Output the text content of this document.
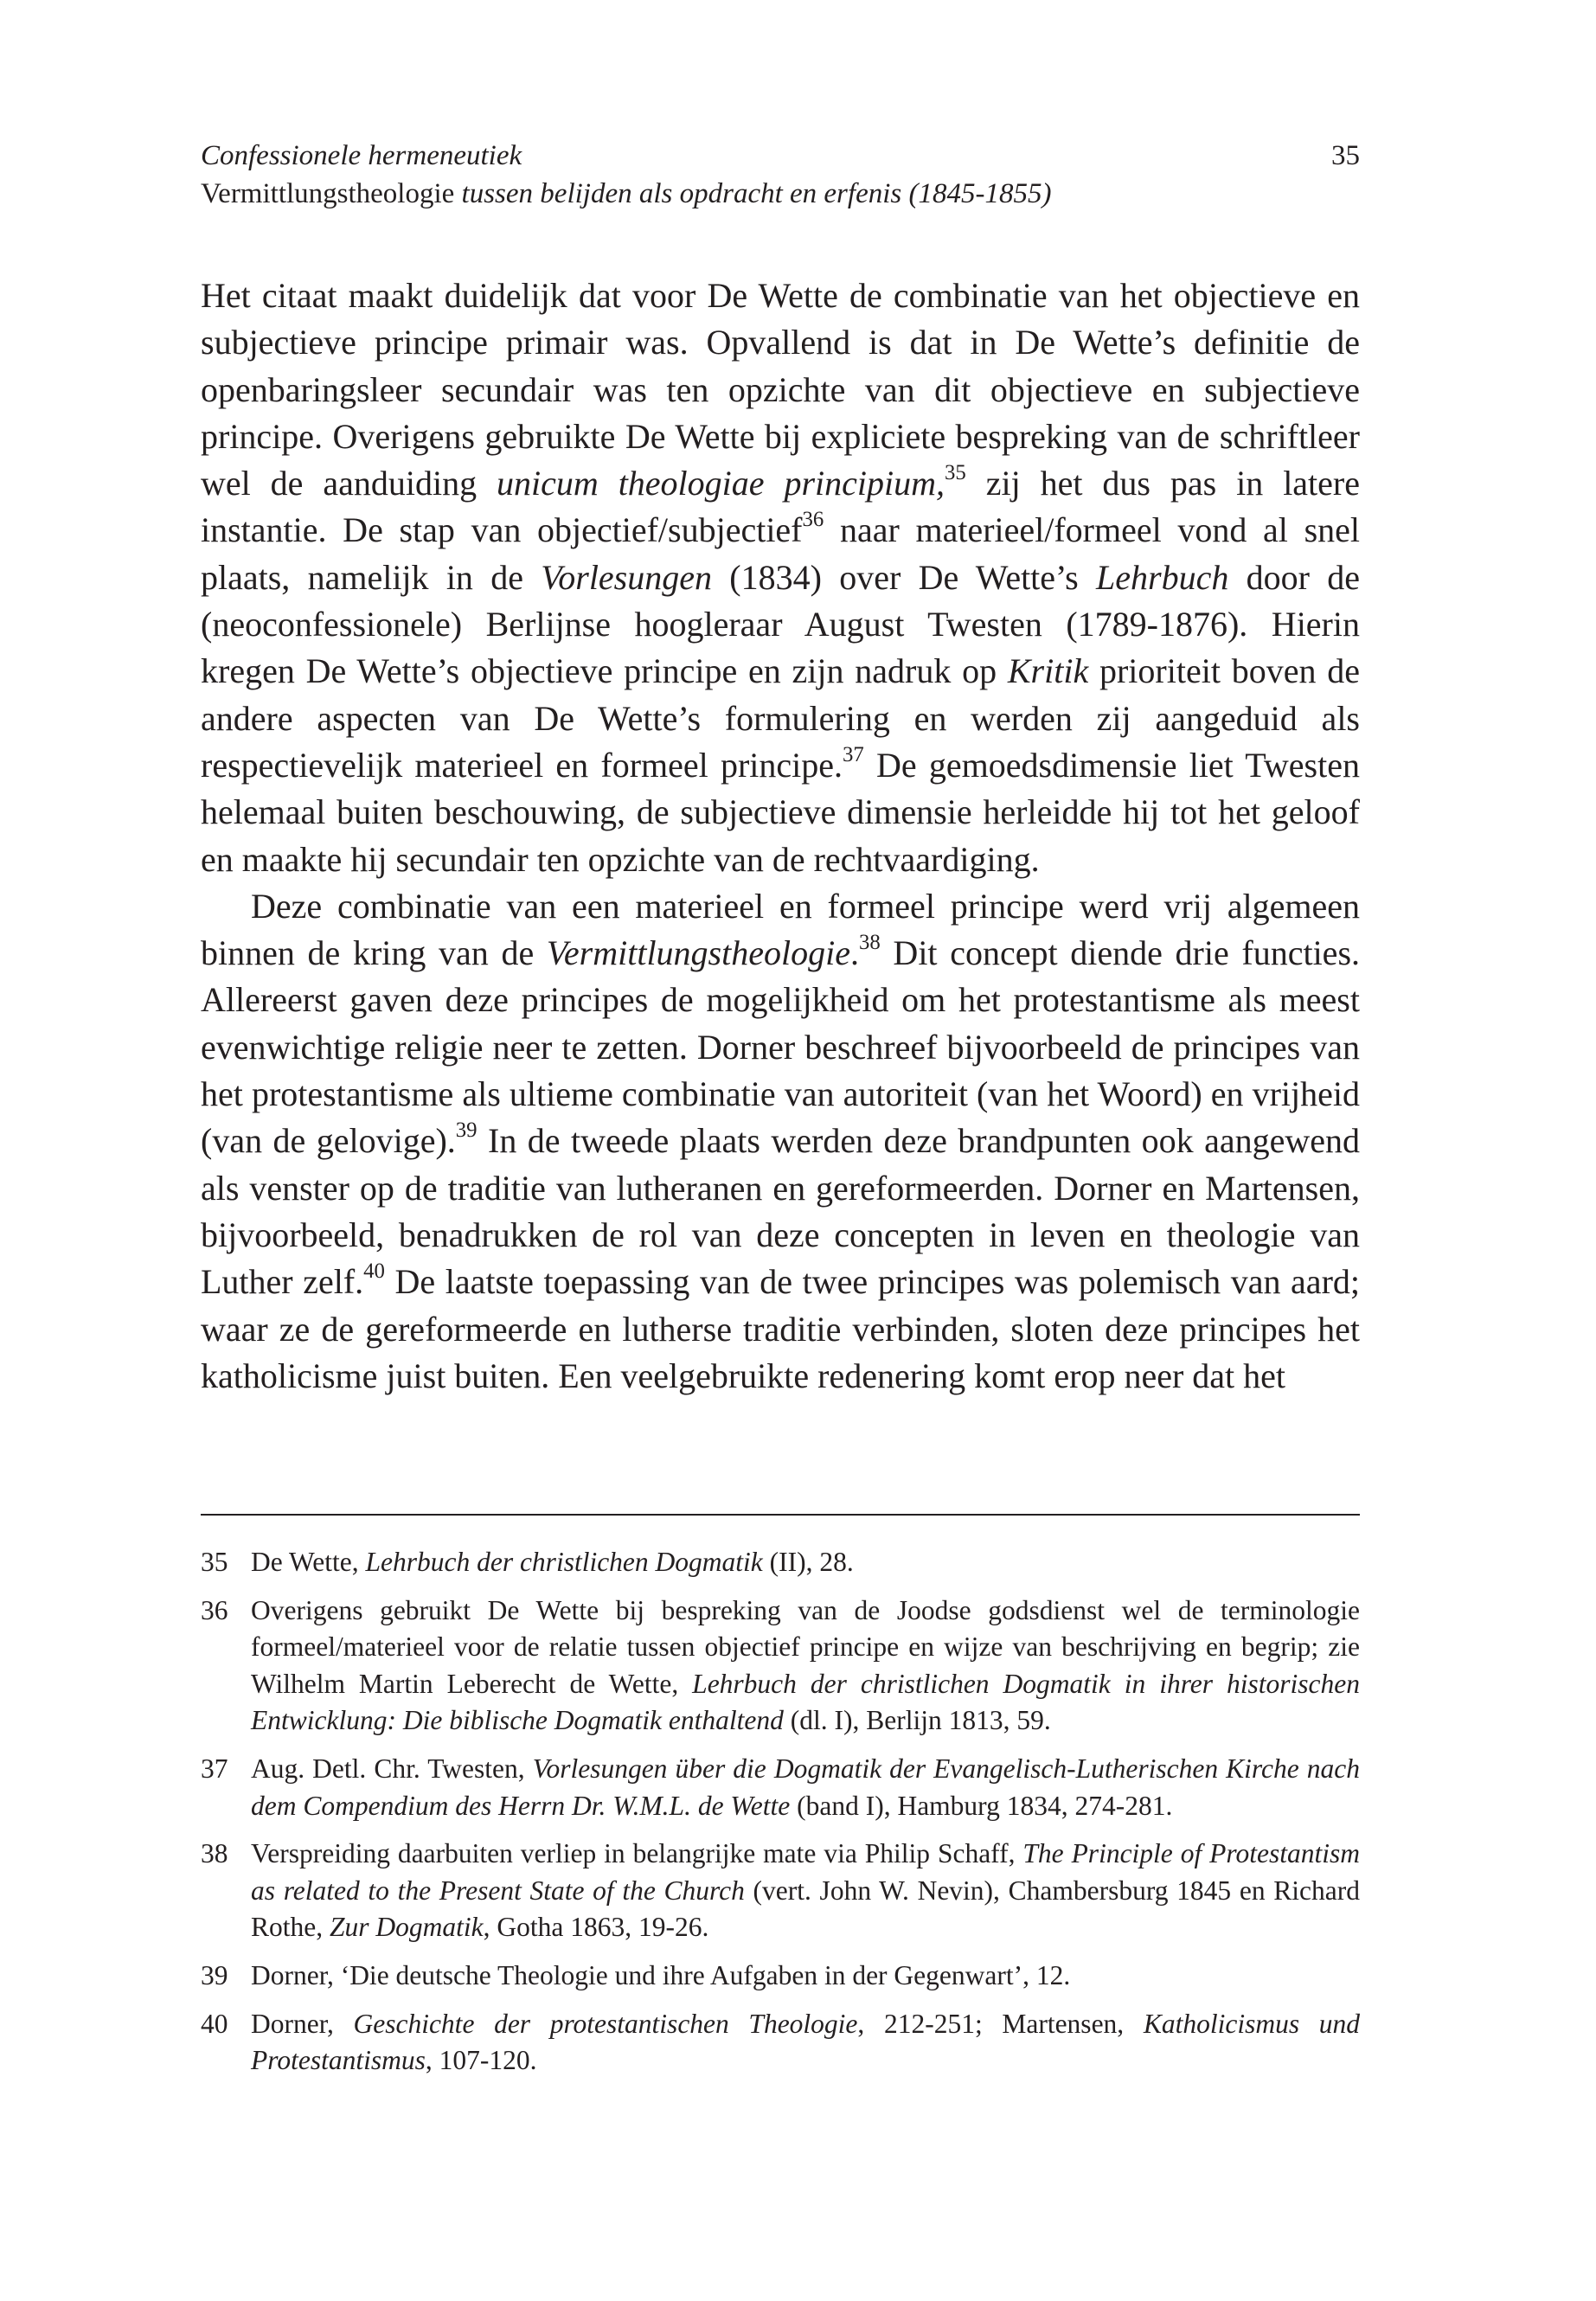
Confessionele hermeneutiek
Vermittlungstheologie tussen belijden als opdracht en erfenis (1845-1855)
35

Het citaat maakt duidelijk dat voor De Wette de combinatie van het objectieve en subjectieve principe primair was. Opvallend is dat in De Wette’s definitie de openbaringsleer secundair was ten opzichte van dit objectieve en subjectieve principe. Overigens gebruikte De Wette bij expliciete bespreking van de schriftleer wel de aanduiding unicum theologiae principium,$^{35}$ zij het dus pas in latere instantie. De stap van objectief/subjectief$^{36}$ naar materieel/formeel vond al snel plaats, namelijk in de Vorlesungen (1834) over De Wette’s Lehrbuch door de (neoconfessionele) Berlijnse hoogleraar August Twesten (1789-1876). Hierin kregen De Wette’s objectieve principe en zijn nadruk op Kritik prioriteit boven de andere aspecten van De Wette’s formulering en werden zij aangeduid als respectievelijk materieel en formeel principe.$^{37}$ De gemoedsdimensie liet Twesten helemaal buiten beschouwing, de subjectieve dimensie herleidde hij tot het geloof en maakte hij secundair ten opzichte van de rechtvaardiging.

Deze combinatie van een materieel en formeel principe werd vrij algemeen binnen de kring van de Vermittlungstheologie.$^{38}$ Dit concept diende drie functies. Allereerst gaven deze principes de mogelijkheid om het protestantisme als meest evenwichtige religie neer te zetten. Dorner beschreef bijvoorbeeld de principes van het protestantisme als ultieme combinatie van autoriteit (van het Woord) en vrijheid (van de gelovige).$^{39}$ In de tweede plaats werden deze brandpunten ook aangewend als venster op de traditie van lutheranen en gereformeerden. Dorner en Martensen, bijvoorbeeld, benadrukken de rol van deze concepten in leven en theologie van Luther zelf.$^{40}$ De laatste toepassing van de twee principes was polemisch van aard; waar ze de gereformeerde en lutherse traditie verbinden, sloten deze principes het katholicisme juist buiten. Een veelgebruikte redenering komt erop neer dat het

35 De Wette, Lehrbuch der christlichen Dogmatik (II), 28.
36 Overigens gebruikt De Wette bij bespreking van de Joodse godsdienst wel de terminologie formeel/materieel voor de relatie tussen objectief principe en wijze van beschrijving en begrip; zie Wilhelm Martin Leberecht de Wette, Lehrbuch der christlichen Dogmatik in ihrer historischen Entwicklung: Die biblische Dogmatik enthaltend (dl. I), Berlijn 1813, 59.
37 Aug. Detl. Chr. Twesten, Vorlesungen über die Dogmatik der Evangelisch-Lutherischen Kirche nach dem Compendium des Herrn Dr. W.M.L. de Wette (band I), Hamburg 1834, 274-281.
38 Verspreiding daarbuiten verliep in belangrijke mate via Philip Schaff, The Principle of Protestantism as related to the Present State of the Church (vert. John W. Nevin), Chambersburg 1845 en Richard Rothe, Zur Dogmatik, Gotha 1863, 19-26.
39 Dorner, ‘Die deutsche Theologie und ihre Aufgaben in der Gegenwart’, 12.
40 Dorner, Geschichte der protestantischen Theologie, 212-251; Martensen, Katholicismus und Protestantismus, 107-120.
